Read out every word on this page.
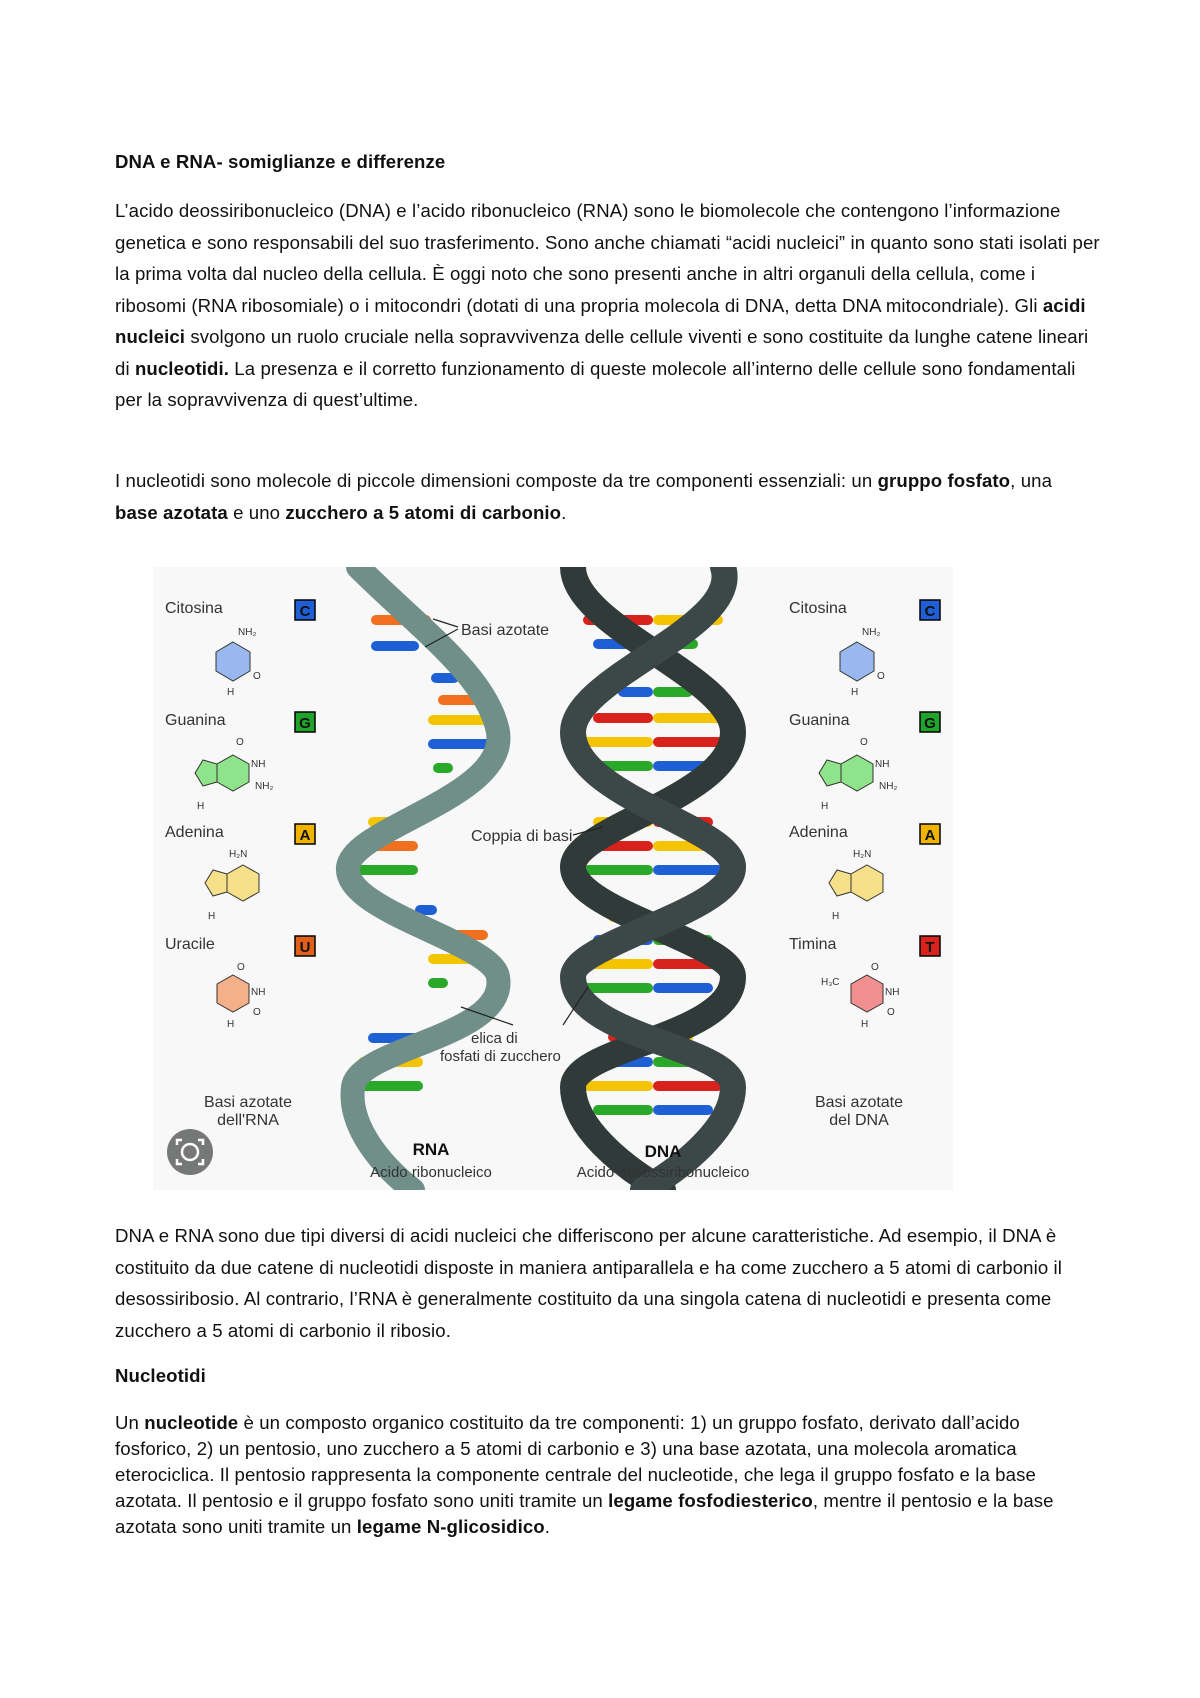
DNA e RNA- somiglianze e differenze

L’acido deossiribonucleico (DNA) e l’acido ribonucleico (RNA) sono le biomolecole che contengono l’informazione genetica e sono responsabili del suo trasferimento. Sono anche chiamati “acidi nucleici” in quanto sono stati isolati per la prima volta dal nucleo della cellula. È oggi noto che sono presenti anche in altri organuli della cellula, come i ribosomi (RNA ribosomiale) o i mitocondri (dotati di una propria molecola di DNA, detta DNA mitocondriale). Gli acidi nucleici svolgono un ruolo cruciale nella sopravvivenza delle cellule viventi e sono costituite da lunghe catene lineari di nucleotidi. La presenza e il corretto funzionamento di queste molecole all’interno delle cellule sono fondamentali per la sopravvivenza di quest’ultime.

I nucleotidi sono molecole di piccole dimensioni composte da tre componenti essenziali: un gruppo fosfato, una base azotata e uno zucchero a 5 atomi di carbonio.

Basi azotate
Coppia di basi
elica di
fosfati di zucchero
Citosina	C
NH₂
O
H
Guanina	G
O
NH
NH₂
H
Adenina	A
H₂N
H
Uracile	U
O
NH
O
H
Basi azotate
dell'RNA
Citosina	C
NH₂
O
H
Guanina	G
O
NH
NH₂
H
Adenina	A
H₂N
H
Timina	T
H₃C
O
NH
O
H
Basi azotate
del DNA
RNA
Acido ribonucleico
DNA
Acido desossiribonucleico

DNA e RNA sono due tipi diversi di acidi nucleici che differiscono per alcune caratteristiche. Ad esempio, il DNA è costituito da due catene di nucleotidi disposte in maniera antiparallela e ha come zucchero a 5 atomi di carbonio il desossiribosio. Al contrario, l’RNA è generalmente costituito da una singola catena di nucleotidi e presenta come zucchero a 5 atomi di carbonio il ribosio.

Nucleotidi

Un nucleotide è un composto organico costituito da tre componenti: 1) un gruppo fosfato, derivato dall’acido fosforico, 2) un pentosio, uno zucchero a 5 atomi di carbonio e 3) una base azotata, una molecola aromatica eterociclica. Il pentosio rappresenta la componente centrale del nucleotide, che lega il gruppo fosfato e la base azotata. Il pentosio e il gruppo fosfato sono uniti tramite un legame fosfodiesterico, mentre il pentosio e la base azotata sono uniti tramite un legame N-glicosidico.
